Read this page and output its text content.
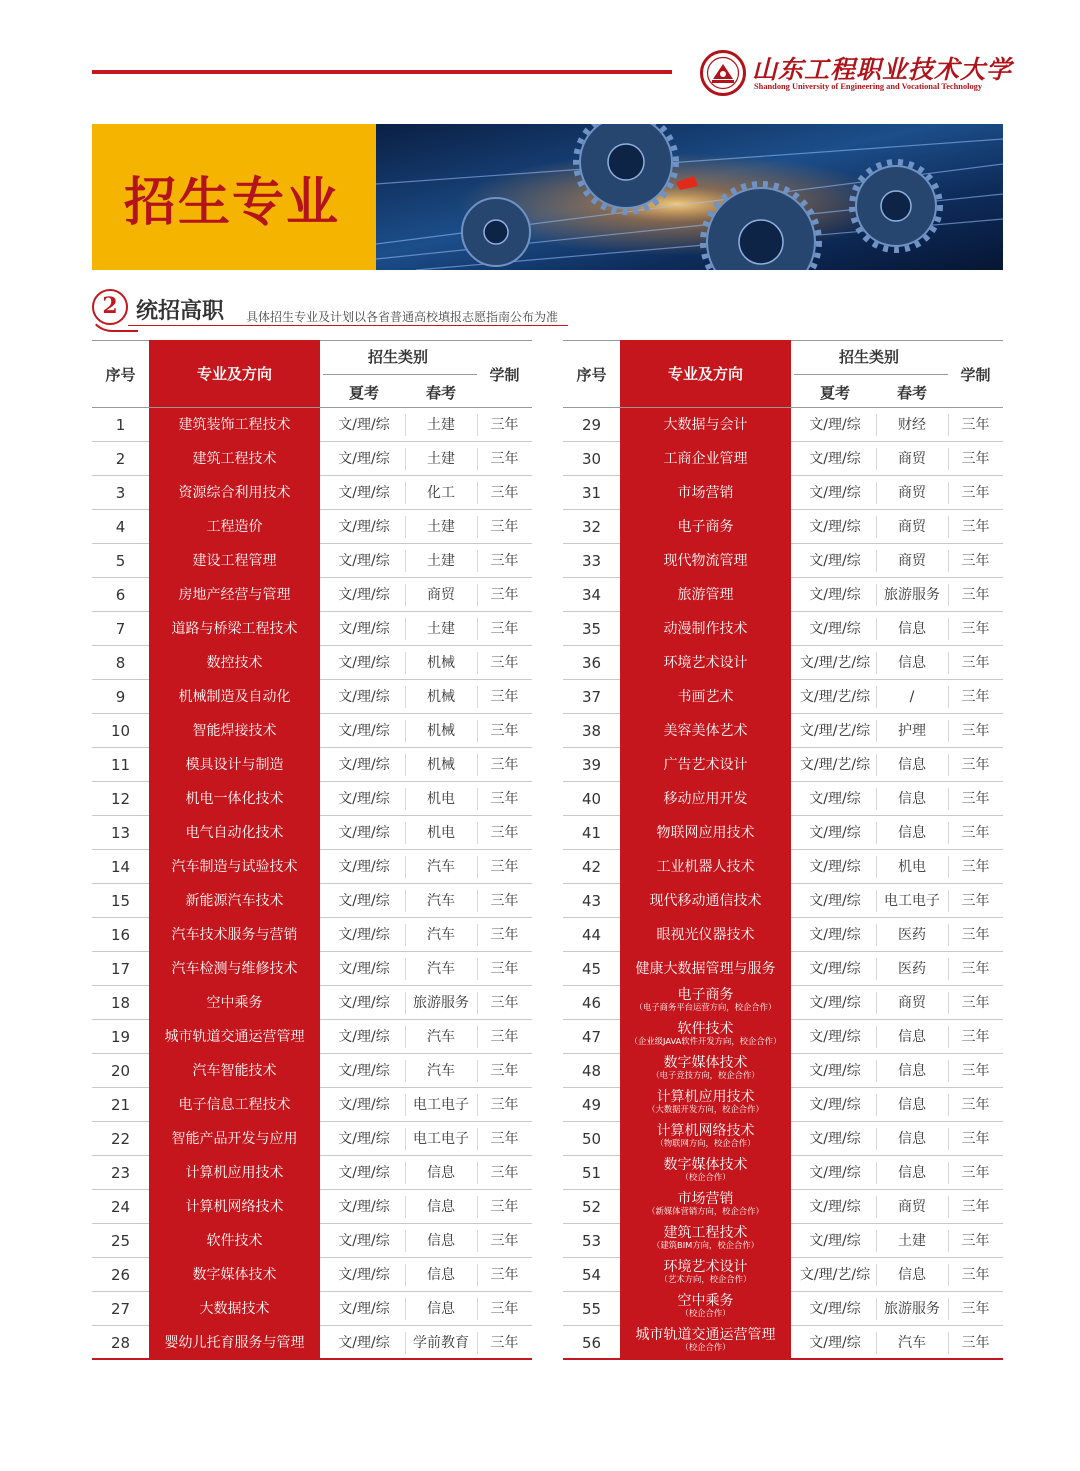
山东工程职业技术大学
Shandong University of Engineering and Vocational Technology
招生专业
2 统招高职 具体招生专业及计划以各省普通高校填报志愿指南公布为准
序号	专业及方向
招生类别
夏考	春考
学制
1	建筑装饰工程技术	文/理/综	土建	三年
2	建筑工程技术	文/理/综	土建	三年
3	资源综合利用技术	文/理/综	化工	三年
4	工程造价	文/理/综	土建	三年
5	建设工程管理	文/理/综	土建	三年
6	房地产经营与管理	文/理/综	商贸	三年
7	道路与桥梁工程技术	文/理/综	土建	三年
8	数控技术	文/理/综	机械	三年
9	机械制造及自动化	文/理/综	机械	三年
10	智能焊接技术	文/理/综	机械	三年
11	模具设计与制造	文/理/综	机械	三年
12	机电一体化技术	文/理/综	机电	三年
13	电气自动化技术	文/理/综	机电	三年
14	汽车制造与试验技术	文/理/综	汽车	三年
15	新能源汽车技术	文/理/综	汽车	三年
16	汽车技术服务与营销	文/理/综	汽车	三年
17	汽车检测与维修技术	文/理/综	汽车	三年
18	空中乘务	文/理/综	旅游服务	三年
19	城市轨道交通运营管理	文/理/综	汽车	三年
20	汽车智能技术	文/理/综	汽车	三年
21	电子信息工程技术	文/理/综	电工电子	三年
22	智能产品开发与应用	文/理/综	电工电子	三年
23	计算机应用技术	文/理/综	信息	三年
24	计算机网络技术	文/理/综	信息	三年
25	软件技术	文/理/综	信息	三年
26	数字媒体技术	文/理/综	信息	三年
27	大数据技术	文/理/综	信息	三年
28	婴幼儿托育服务与管理	文/理/综	学前教育	三年
序号	专业及方向
招生类别
夏考	春考
学制
29	大数据与会计	文/理/综	财经	三年
30	工商企业管理	文/理/综	商贸	三年
31	市场营销	文/理/综	商贸	三年
32	电子商务	文/理/综	商贸	三年
33	现代物流管理	文/理/综	商贸	三年
34	旅游管理	文/理/综	旅游服务	三年
35	动漫制作技术	文/理/综	信息	三年
36	环境艺术设计	文/理/艺/综	信息	三年
37	书画艺术	文/理/艺/综	/	三年
38	美容美体艺术	文/理/艺/综	护理	三年
39	广告艺术设计	文/理/艺/综	信息	三年
40	移动应用开发	文/理/综	信息	三年
41	物联网应用技术	文/理/综	信息	三年
42	工业机器人技术	文/理/综	机电	三年
43	现代移动通信技术	文/理/综	电工电子	三年
44	眼视光仪器技术	文/理/综	医药	三年
45	健康大数据管理与服务	文/理/综	医药	三年
46	电子商务
（电子商务平台运营方向，校企合作）	文/理/综	商贸	三年
47	软件技术
（企业级JAVA软件开发方向，校企合作）	文/理/综	信息	三年
48	数字媒体技术
（电子竞技方向，校企合作）	文/理/综	信息	三年
49	计算机应用技术
（大数据开发方向，校企合作）	文/理/综	信息	三年
50	计算机网络技术
（物联网方向，校企合作）	文/理/综	信息	三年
51	数字媒体技术
（校企合作）	文/理/综	信息	三年
52	市场营销
（新媒体营销方向，校企合作）	文/理/综	商贸	三年
53	建筑工程技术
（建筑BIM方向，校企合作）	文/理/综	土建	三年
54	环境艺术设计
（艺术方向，校企合作）	文/理/艺/综	信息	三年
55	空中乘务
（校企合作）	文/理/综	旅游服务	三年
56	城市轨道交通运营管理
（校企合作）	文/理/综	汽车	三年
